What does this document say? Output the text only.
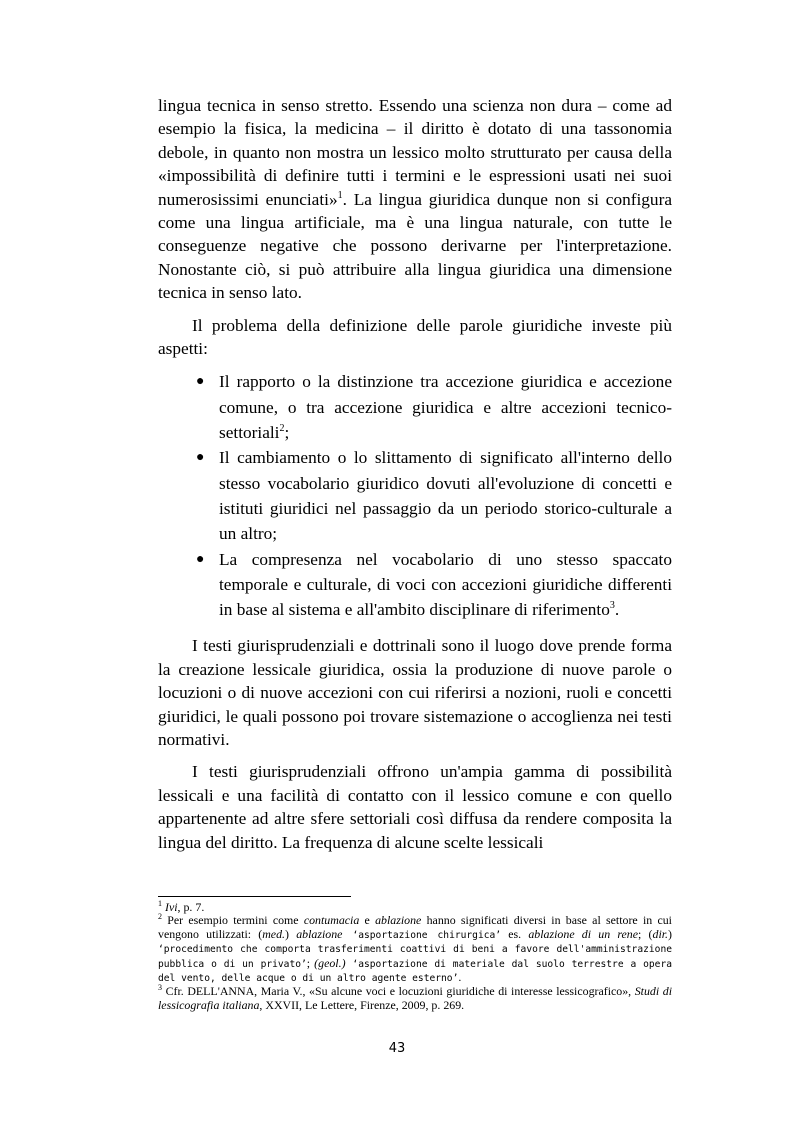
lingua tecnica in senso stretto. Essendo una scienza non dura – come ad esempio la fisica, la medicina – il diritto è dotato di una tassonomia debole, in quanto non mostra un lessico molto strutturato per causa della «impossibilità di definire tutti i termini e le espressioni usati nei suoi numerosissimi enunciati»$^1$. La lingua giuridica dunque non si configura come una lingua artificiale, ma è una lingua naturale, con tutte le conseguenze negative che possono derivarne per l'interpretazione. Nonostante ciò, si può attribuire alla lingua giuridica una dimensione tecnica in senso lato.

Il problema della definizione delle parole giuridiche investe più aspetti:

● Il rapporto o la distinzione tra accezione giuridica e accezione comune, o tra accezione giuridica e altre accezioni tecnico-settoriali$^2$;
● Il cambiamento o lo slittamento di significato all'interno dello stesso vocabolario giuridico dovuti all'evoluzione di concetti e istituti giuridici nel passaggio da un periodo storico-culturale a un altro;
● La compresenza nel vocabolario di uno stesso spaccato temporale e culturale, di voci con accezioni giuridiche differenti in base al sistema e all'ambito disciplinare di riferimento$^3$.

I testi giurisprudenziali e dottrinali sono il luogo dove prende forma la creazione lessicale giuridica, ossia la produzione di nuove parole o locuzioni o di nuove accezioni con cui riferirsi a nozioni, ruoli e concetti giuridici, le quali possono poi trovare sistemazione o accoglienza nei testi normativi.

I testi giurisprudenziali offrono un'ampia gamma di possibilità lessicali e una facilità di contatto con il lessico comune e con quello appartenente ad altre sfere settoriali così diffusa da rendere composita la lingua del diritto. La frequenza di alcune scelte lessicali

$^1$ Ivi, p. 7.

$^2$ Per esempio termini come contumacia e ablazione hanno significati diversi in base al settore in cui vengono utilizzati: (med.) ablazione ‘asportazione chirurgica’ es. ablazione di un rene; (dir.) ‘procedimento che comporta trasferimenti coattivi di beni a favore dell'amministrazione pubblica o di un privato’; (geol.) ‘asportazione di materiale dal suolo terrestre a opera del vento, delle acque o di un altro agente esterno’.

$^3$ Cfr. DELL'ANNA, Maria V., «Su alcune voci e locuzioni giuridiche di interesse lessicografico», Studi di lessicografia italiana, XXVII, Le Lettere, Firenze, 2009, p. 269.

43
